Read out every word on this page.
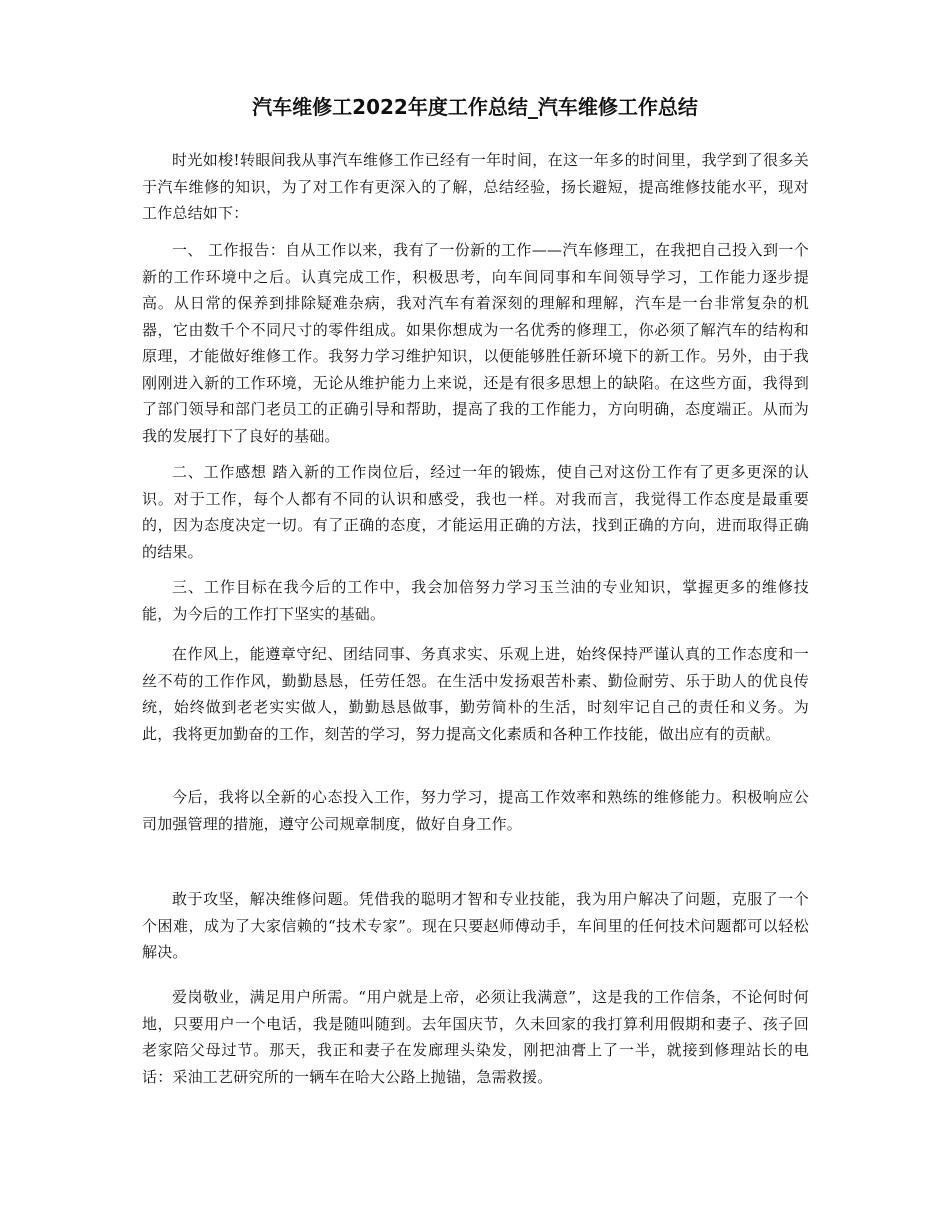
汽车维修工2022年度工作总结_汽车维修工作总结

时光如梭!转眼间我从事汽车维修工作已经有一年时间，在这一年多的时间里，我学到了很多关于汽车维修的知识，为了对工作有更深入的了解，总结经验，扬长避短，提高维修技能水平，现对工作总结如下：

一、 工作报告：自从工作以来，我有了一份新的工作——汽车修理工，在我把自己投入到一个新的工作环境中之后。认真完成工作，积极思考，向车间同事和车间领导学习，工作能力逐步提高。从日常的保养到排除疑难杂病，我对汽车有着深刻的理解和理解，汽车是一台非常复杂的机器，它由数千个不同尺寸的零件组成。如果你想成为一名优秀的修理工，你必须了解汽车的结构和原理，才能做好维修工作。我努力学习维护知识，以便能够胜任新环境下的新工作。另外，由于我刚刚进入新的工作环境，无论从维护能力上来说，还是有很多思想上的缺陷。在这些方面，我得到了部门领导和部门老员工的正确引导和帮助，提高了我的工作能力，方向明确，态度端正。从而为我的发展打下了良好的基础。

二、工作感想 踏入新的工作岗位后，经过一年的锻炼，使自己对这份工作有了更多更深的认识。对于工作，每个人都有不同的认识和感受，我也一样。对我而言，我觉得工作态度是最重要的，因为态度决定一切。有了正确的态度，才能运用正确的方法，找到正确的方向，进而取得正确的结果。

三、工作目标在我今后的工作中，我会加倍努力学习玉兰油的专业知识，掌握更多的维修技能，为今后的工作打下坚实的基础。

在作风上，能遵章守纪、团结同事、务真求实、乐观上进，始终保持严谨认真的工作态度和一丝不苟的工作作风，勤勤恳恳，任劳任怨。在生活中发扬艰苦朴素、勤俭耐劳、乐于助人的优良传统，始终做到老老实实做人，勤勤恳恳做事，勤劳简朴的生活，时刻牢记自己的责任和义务。为此，我将更加勤奋的工作，刻苦的学习，努力提高文化素质和各种工作技能，做出应有的贡献。

今后，我将以全新的心态投入工作，努力学习，提高工作效率和熟练的维修能力。积极响应公司加强管理的措施，遵守公司规章制度，做好自身工作。

敢于攻坚，解决维修问题。凭借我的聪明才智和专业技能，我为用户解决了问题，克服了一个个困难，成为了大家信赖的“技术专家”。现在只要赵师傅动手，车间里的任何技术问题都可以轻松解决。

爱岗敬业，满足用户所需。“用户就是上帝，必须让我满意”，这是我的工作信条，不论何时何地，只要用户一个电话，我是随叫随到。去年国庆节，久未回家的我打算利用假期和妻子、孩子回老家陪父母过节。那天，我正和妻子在发廊理头染发，刚把油膏上了一半，就接到修理站长的电话：采油工艺研究所的一辆车在哈大公路上抛锚，急需救援。
